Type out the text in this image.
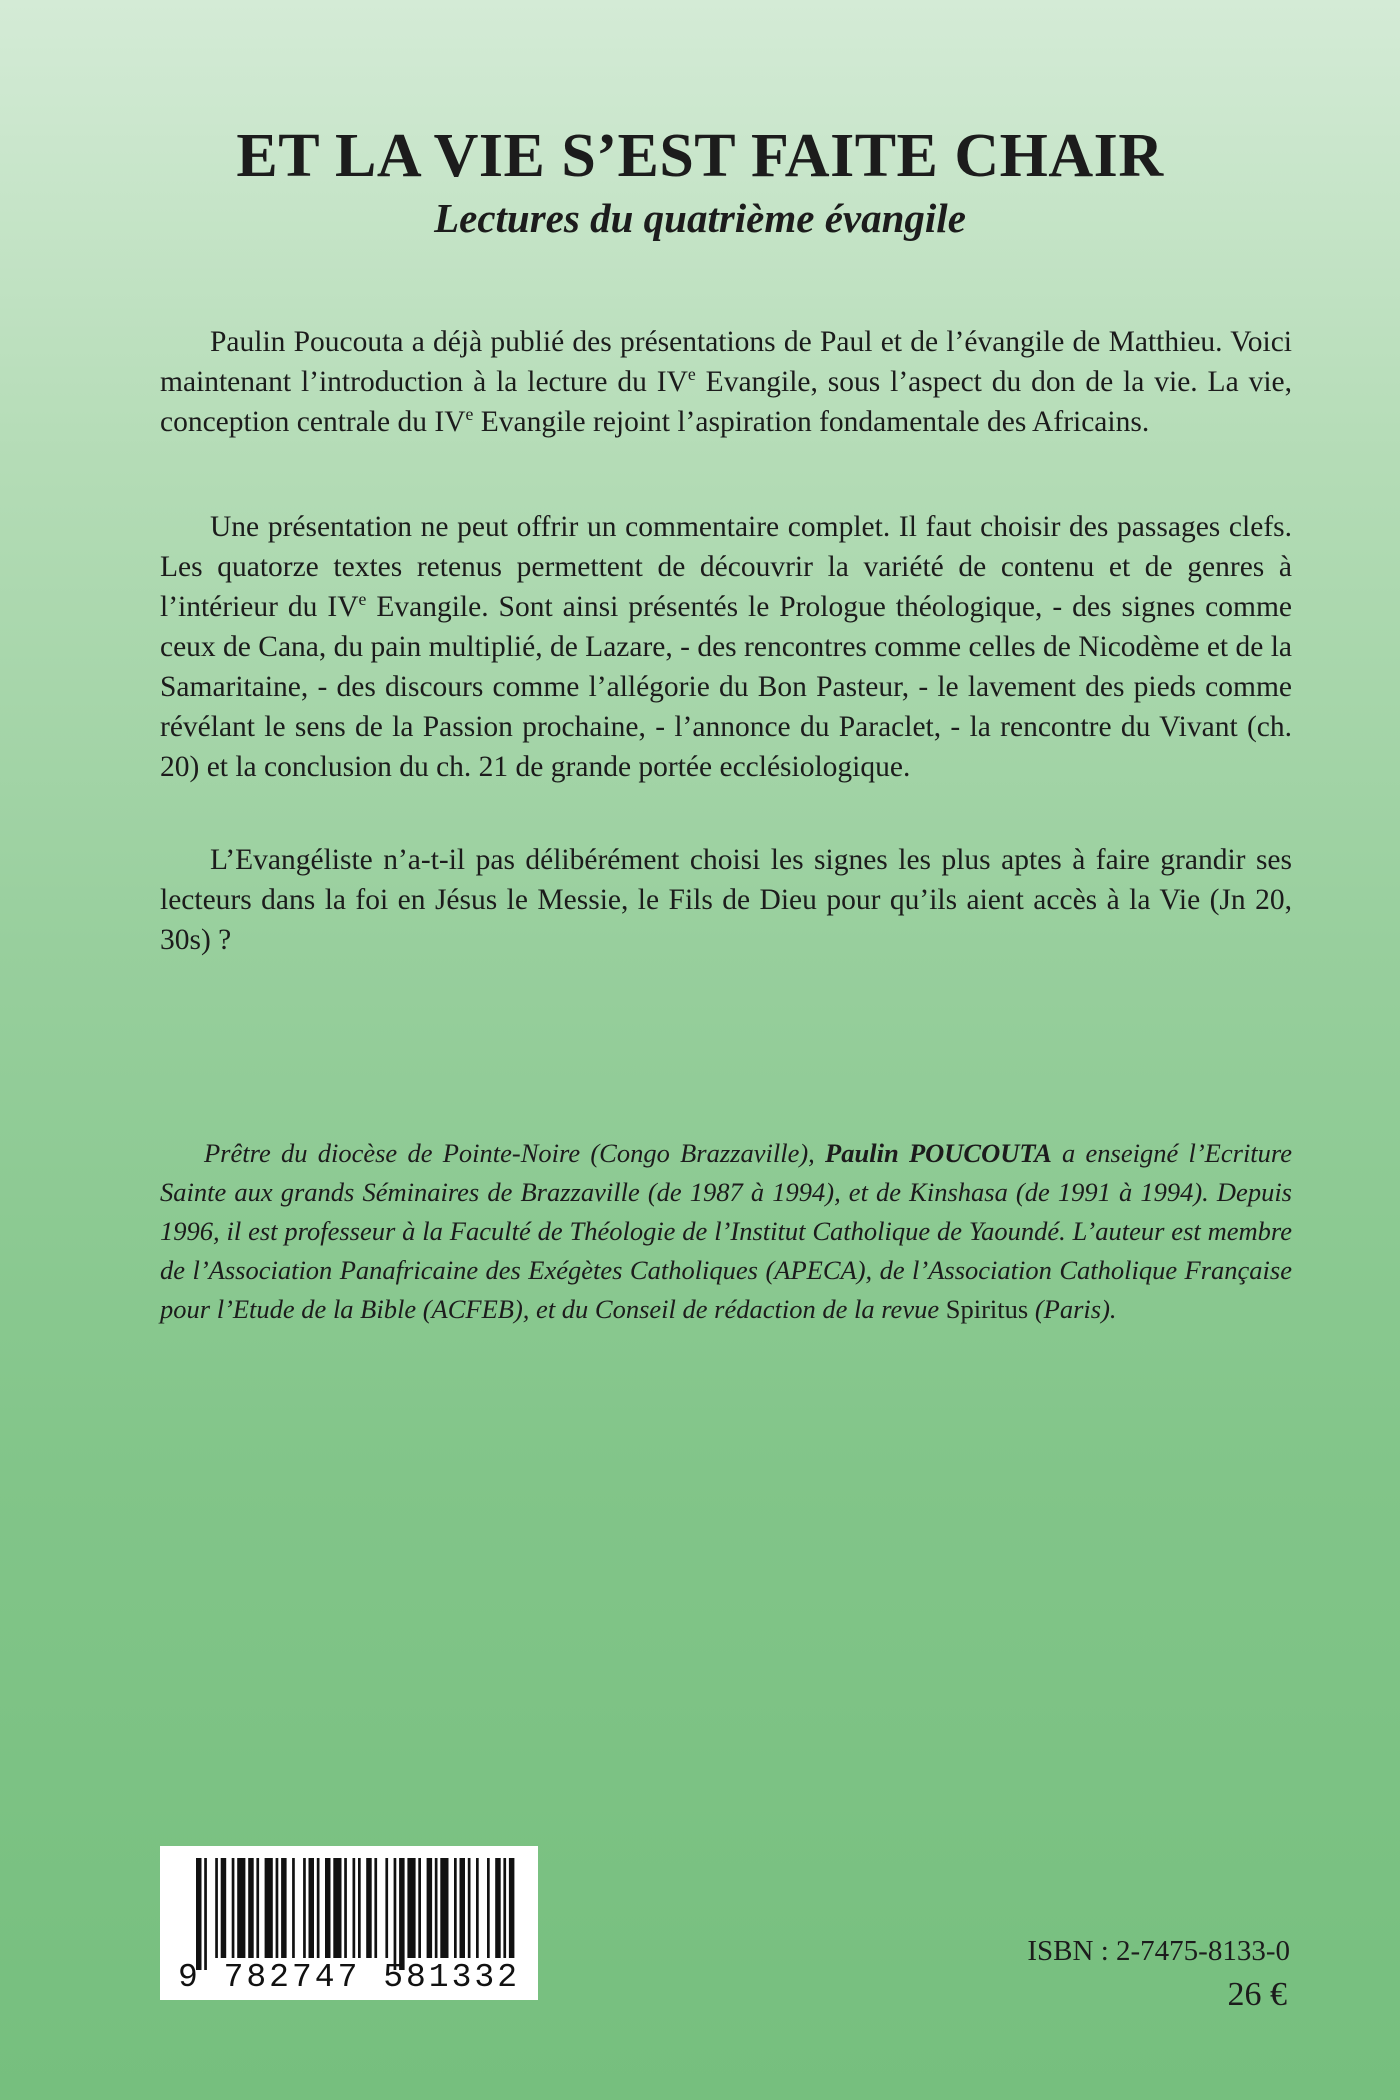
ET LA VIE S’EST FAITE CHAIR
Lectures du quatrième évangile

Paulin Poucouta a déjà publié des présentations de Paul et de l’évangile de Matthieu. Voici maintenant l’introduction à la lecture du IVe Evangile, sous l’aspect du don de la vie. La vie, conception centrale du IVe Evangile rejoint l’aspiration fondamentale des Africains.

Une présentation ne peut offrir un commentaire complet. Il faut choisir des passages clefs. Les quatorze textes retenus permettent de découvrir la variété de contenu et de genres à l’intérieur du IVe Evangile. Sont ainsi présentés le Prologue théologique, - des signes comme ceux de Cana, du pain multiplié, de Lazare, - des rencontres comme celles de Nicodème et de la Samaritaine, - des discours comme l’allégorie du Bon Pasteur, - le lavement des pieds comme révélant le sens de la Passion prochaine, - l’annonce du Paraclet, - la rencontre du Vivant (ch. 20) et la conclusion du ch. 21 de grande portée ecclésiologique.

L’Evangéliste n’a-t-il pas délibérément choisi les signes les plus aptes à faire grandir ses lecteurs dans la foi en Jésus le Messie, le Fils de Dieu pour qu’ils aient accès à la Vie (Jn 20, 30s) ?

Prêtre du diocèse de Pointe-Noire (Congo Brazzaville), Paulin POUCOUTA a enseigné l’Ecriture Sainte aux grands Séminaires de Brazzaville (de 1987 à 1994), et de Kinshasa (de 1991 à 1994). Depuis 1996, il est professeur à la Faculté de Théologie de l’Institut Catholique de Yaoundé. L’auteur est membre de l’Association Panafricaine des Exégètes Catholiques (APECA), de l’Association Catholique Française pour l’Etude de la Bible (ACFEB), et du Conseil de rédaction de la revue Spiritus (Paris).

9 782747 581332

ISBN : 2-7475-8133-0

26 €
